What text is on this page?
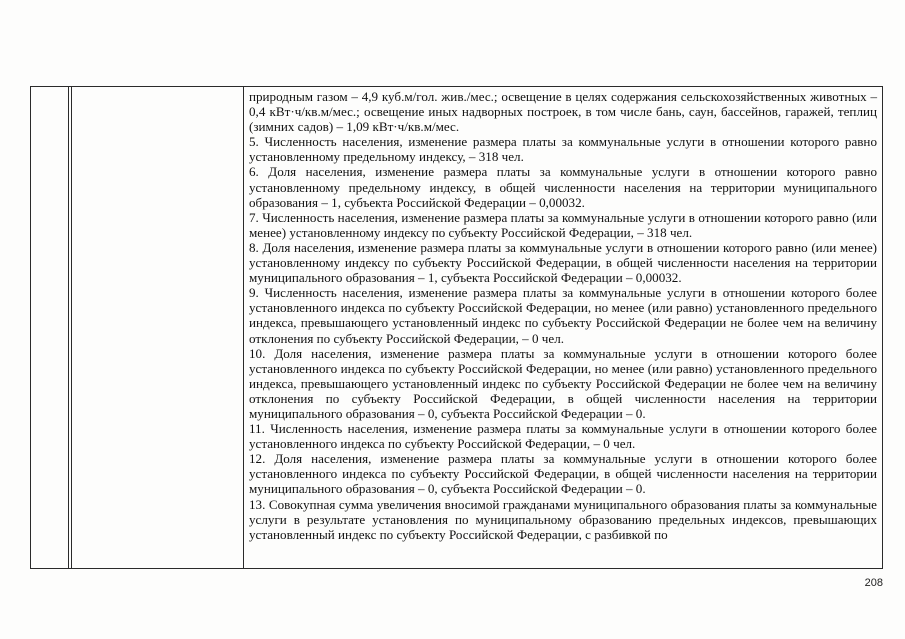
природным газом – 4,9 куб.м/гол. жив./мес.; освещение в целях содержания сельскохозяйственных животных – 0,4 кВт·ч/кв.м/мес.; освещение иных надворных построек, в том числе бань, саун, бассейнов, гаражей, теплиц (зимних садов) – 1,09 кВт·ч/кв.м/мес.

5. Численность населения, изменение размера платы за коммунальные услуги в отношении которого равно установленному предельному индексу, – 318 чел.

6. Доля населения, изменение размера платы за коммунальные услуги в отношении которого равно установленному предельному индексу, в общей численности населения на территории муниципального образования – 1, субъекта Российской Федерации – 0,00032.

7. Численность населения, изменение размера платы за коммунальные услуги в отношении которого равно (или менее) установленному индексу по субъекту Российской Федерации, – 318 чел.

8. Доля населения, изменение размера платы за коммунальные услуги в отношении которого равно (или менее) установленному индексу по субъекту Российской Федерации, в общей численности населения на территории муниципального образования – 1, субъекта Российской Федерации – 0,00032.

9. Численность населения, изменение размера платы за коммунальные услуги в отношении которого более установленного индекса по субъекту Российской Федерации, но менее (или равно) установленного предельного индекса, превышающего установленный индекс по субъекту Российской Федерации не более чем на величину отклонения по субъекту Российской Федерации, – 0 чел.

10. Доля населения, изменение размера платы за коммунальные услуги в отношении которого более установленного индекса по субъекту Российской Федерации, но менее (или равно) установленного предельного индекса, превышающего установленный индекс по субъекту Российской Федерации не более чем на величину отклонения по субъекту Российской Федерации, в общей численности населения на территории муниципального образования – 0, субъекта Российской Федерации – 0.

11. Численность населения, изменение размера платы за коммунальные услуги в отношении которого более установленного индекса по субъекту Российской Федерации, – 0 чел.

12. Доля населения, изменение размера платы за коммунальные услуги в отношении которого более установленного индекса по субъекту Российской Федерации, в общей численности населения на территории муниципального образования – 0, субъекта Российской Федерации – 0.

13. Совокупная сумма увеличения вносимой гражданами муниципального образования платы за коммунальные услуги в результате установления по муниципальному образованию предельных индексов, превышающих установленный индекс по субъекту Российской Федерации, с разбивкой по

208
